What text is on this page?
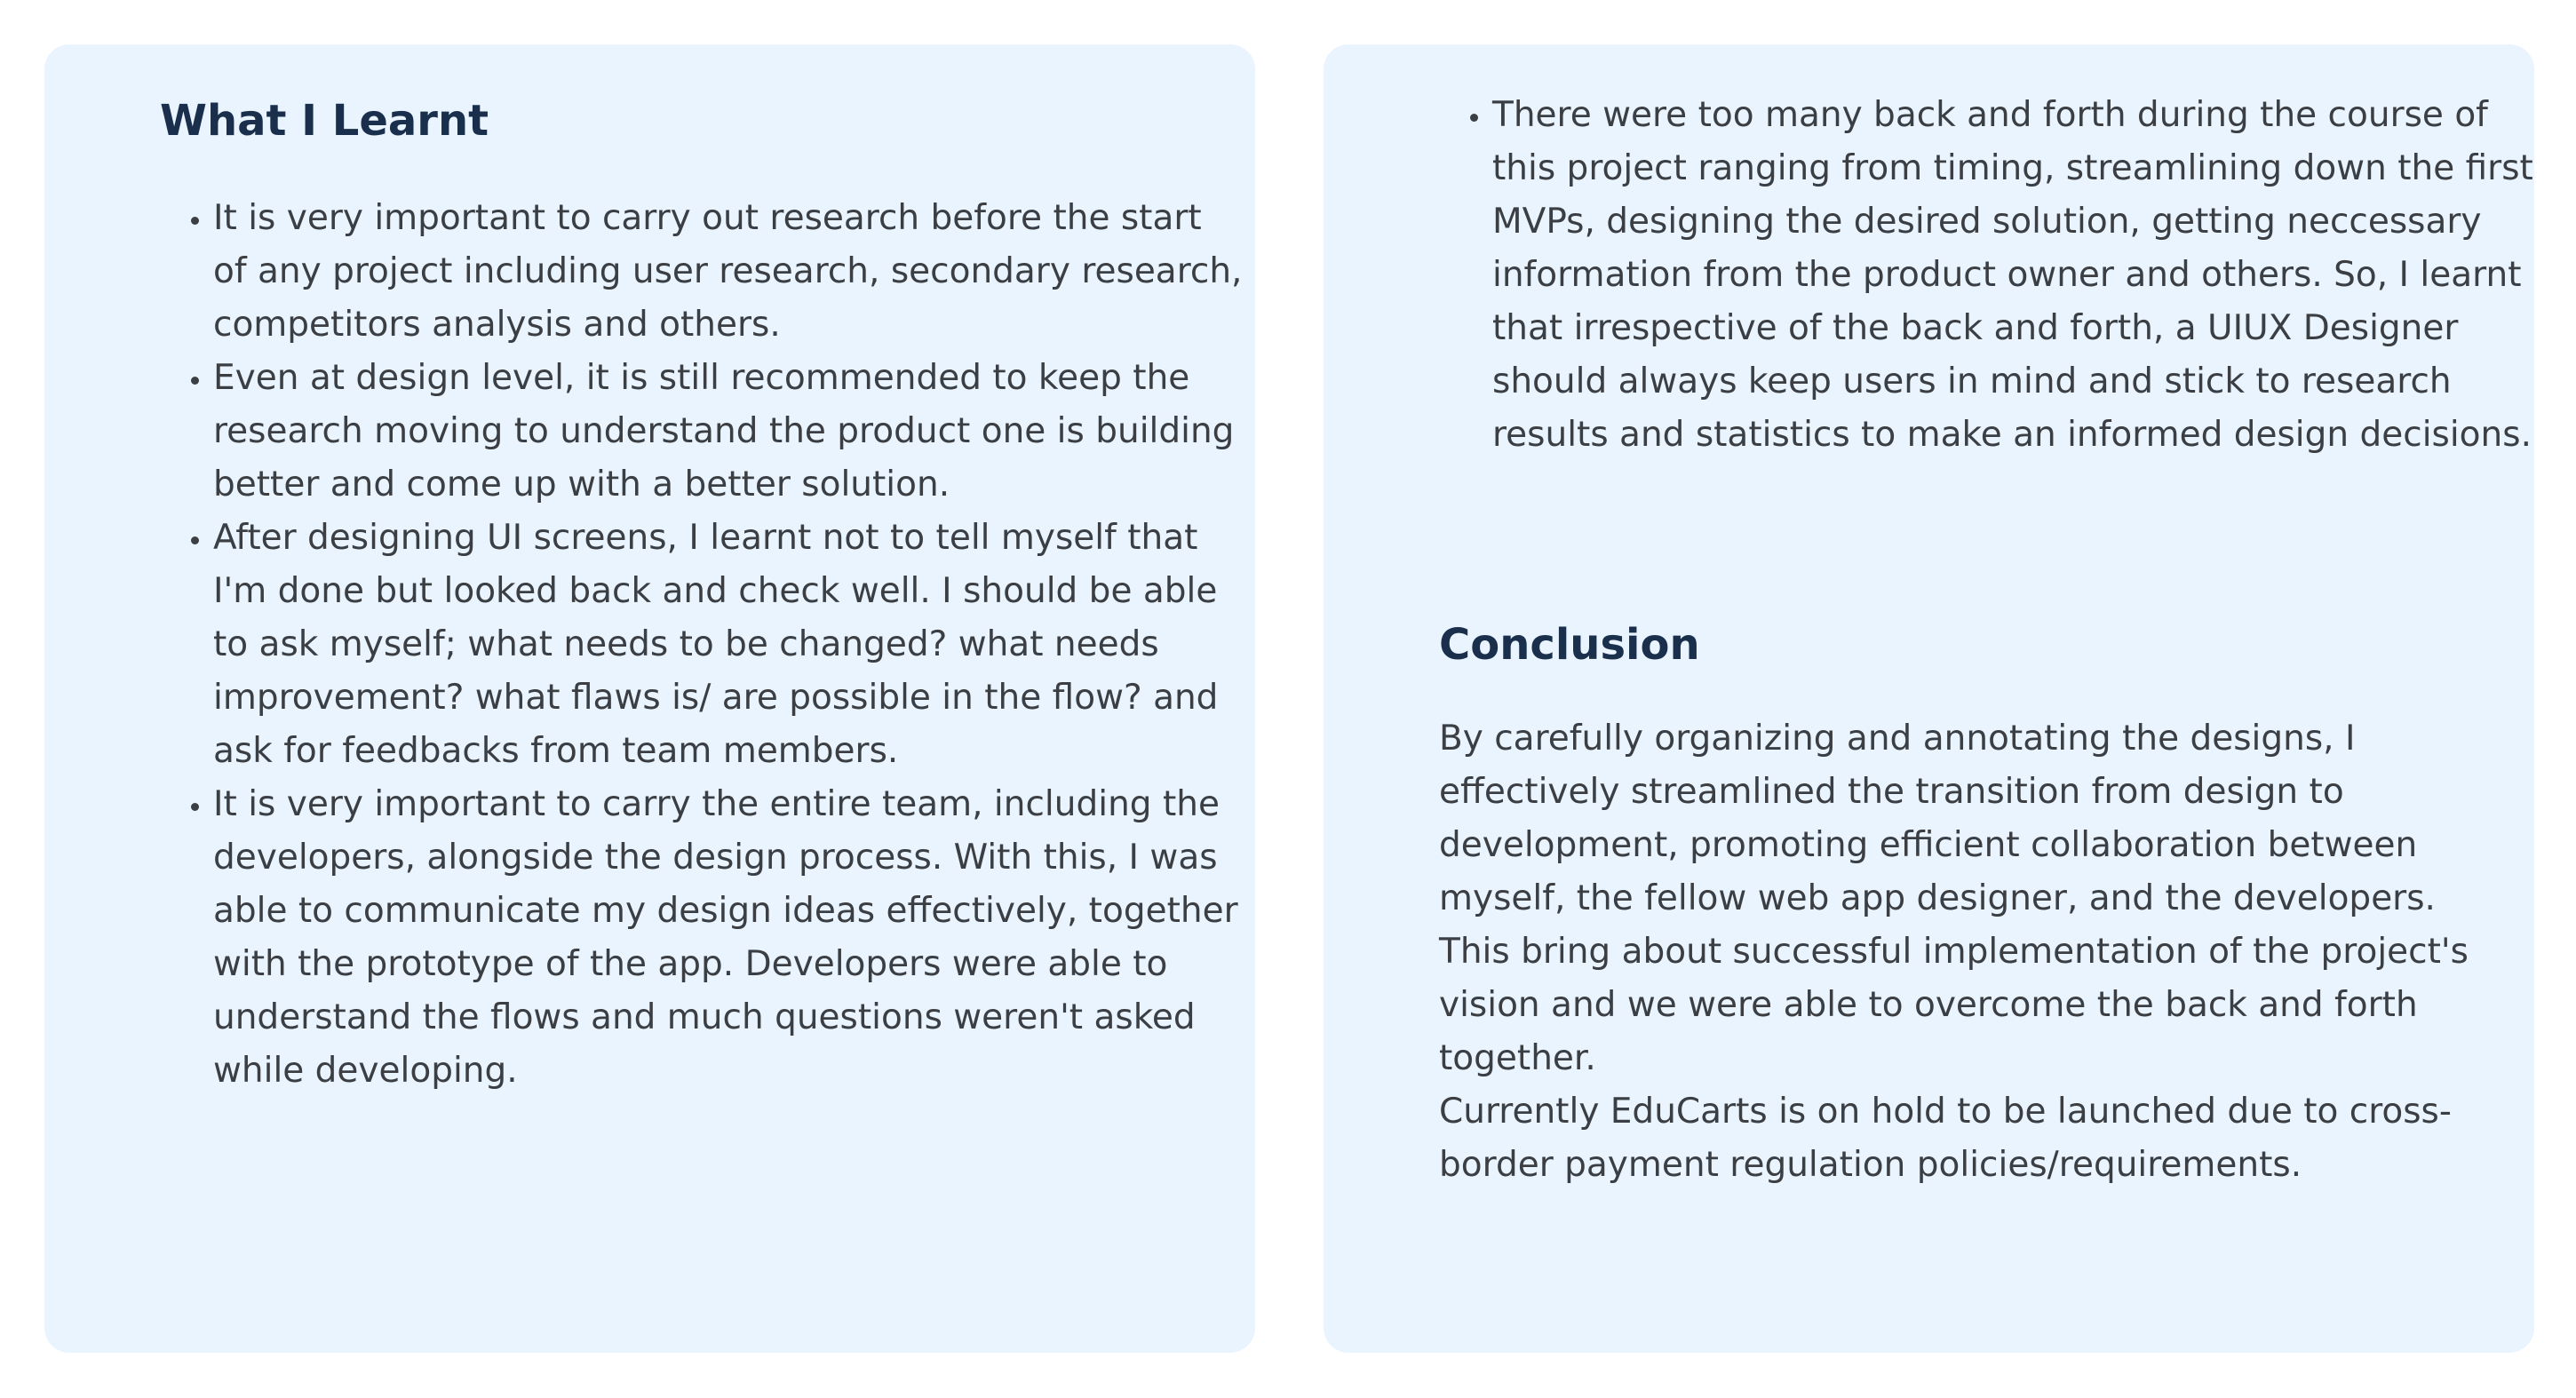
What I Learnt
• It is very important to carry out research before the start of any project including user research, secondary research, competitors analysis and others.
• Even at design level, it is still recommended to keep the research moving to understand the product one is building better and come up with a better solution.
• After designing UI screens, I learnt not to tell myself that I'm done but looked back and check well. I should be able to ask myself; what needs to be changed? what needs improvement? what flaws is/ are possible in the flow? and ask for feedbacks from team members.
• It is very important to carry the entire team, including the developers, alongside the design process. With this, I was able to communicate my design ideas effectively, together with the prototype of the app. Developers were able to understand the flows and much questions weren't asked while developing.
• There were too many back and forth during the course of this project ranging from timing, streamlining down the first MVPs, designing the desired solution, getting neccessary information from the product owner and others. So, I learnt that irrespective of the back and forth, a UIUX Designer should always keep users in mind and stick to research results and statistics to make an informed design decisions.
Conclusion
By carefully organizing and annotating the designs, I effectively streamlined the transition from design to development, promoting efficient collaboration between myself, the fellow web app designer, and the developers. This bring about successful implementation of the project's vision and we were able to overcome the back and forth together.
Currently EduCarts is on hold to be launched due to cross-border payment regulation policies/requirements.
